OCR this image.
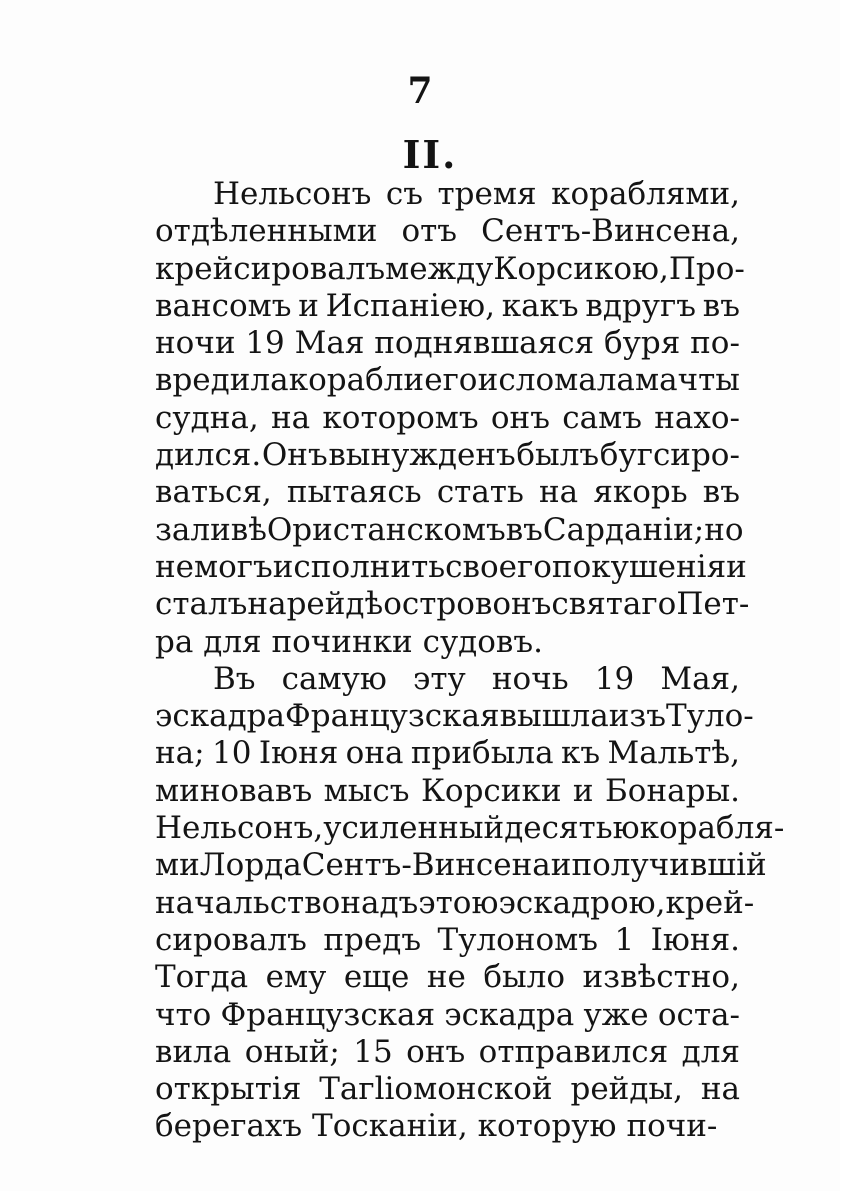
7
II.
Нельсонъ съ тремя кораблями,
отдѣленными отъ Сентъ-Винсена,
крейсировалъ между Корсикою, Про-
вансомъ и Испанiею, какъ вдругъ въ
ночи 19 Мая поднявшаяся буря по-
вредила корабли его и сломала мачты
судна, на которомъ онъ самъ нахо-
дился. Онъ вынужденъ былъ бугсиро-
ваться, пытаясь стать на якорь въ
заливѣ Ористанскомъ въ Сарданiи; но
не могъ исполнить своего покушенiя и
сталъ на рейдѣ островонъ святаго Пет-
ра для починки судовъ.
Въ самую эту ночь 19 Мая,
эскадра Французская вышла изъ Туло-
на; 10 Iюня она прибыла къ Мальтѣ,
миновавъ мысъ Корсики и Бонары.
Нельсонъ, усиленный десятью корабля-
ми Лорда Сентъ-Винсена и получившiй
начальство надъ этою эскадрою, крей-
сировалъ предъ Тулономъ 1 Iюня.
Тогда ему еще не было извѣстно,
что Французская эскадра уже оста-
вила оный; 15 онъ отправился для
открытiя Тагliомонской рейды, на
берегахъ Тосканiи, которую почи-
